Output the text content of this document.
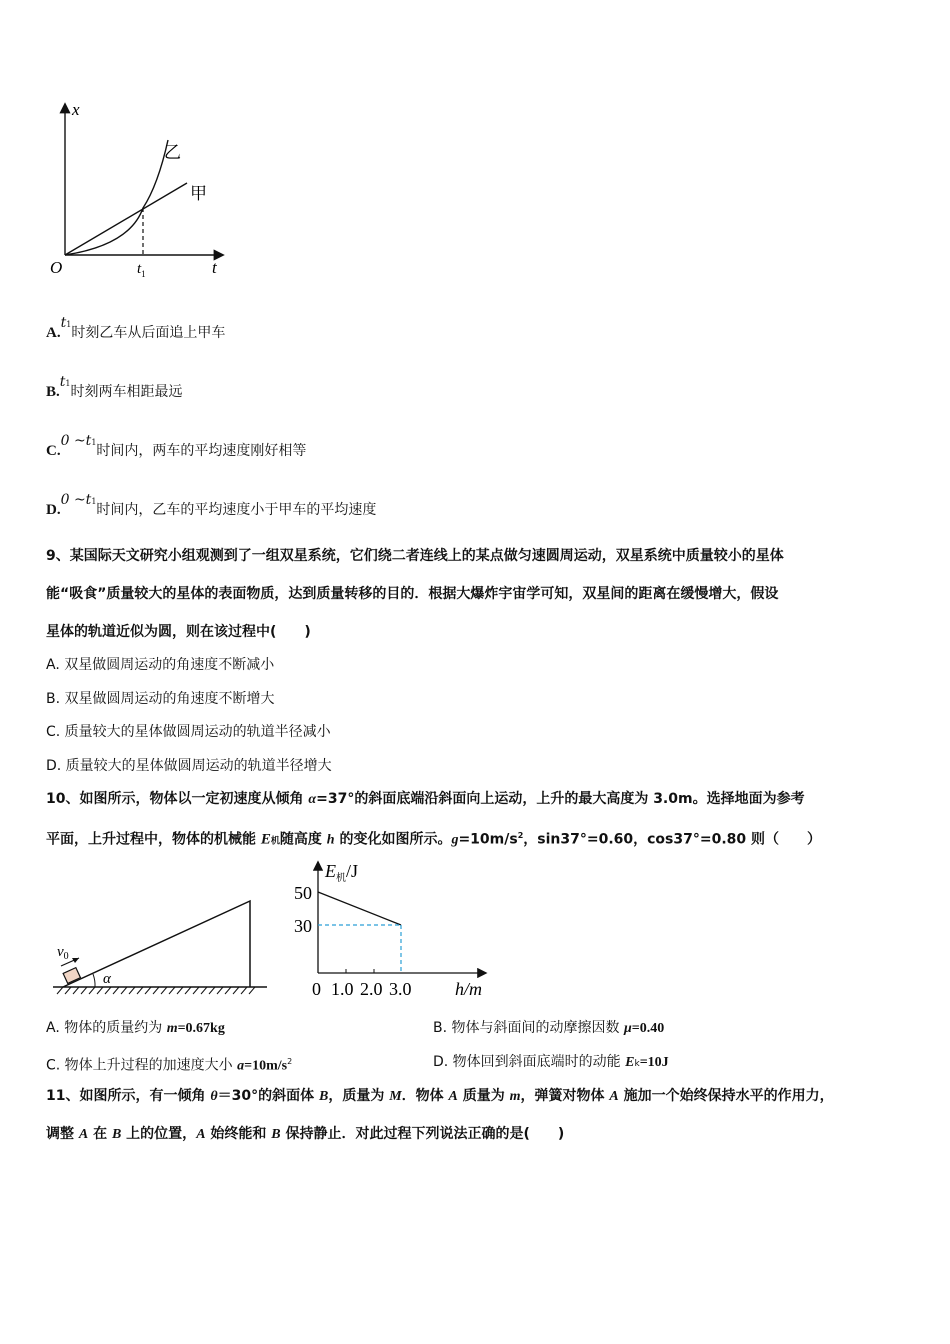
x
t
O	$t_1$
乙
甲
A.t1时刻乙车从后面追上甲车
B.t1时刻两车相距最远
C.0 ~t1时间内，两车的平均速度刚好相等
D.0 ~t1时间内，乙车的平均速度小于甲车的平均速度
9、某国际天文研究小组观测到了一组双星系统，它们绕二者连线上的某点做匀速圆周运动，双星系统中质量较小的星体
能“吸食”质量较大的星体的表面物质，达到质量转移的目的．根据大爆炸宇宙学可知，双星间的距离在缓慢增大，假设
星体的轨道近似为圆，则在该过程中(　　)
A. 双星做圆周运动的角速度不断减小
B. 双星做圆周运动的角速度不断增大
C. 质量较大的星体做圆周运动的轨道半径减小
D. 质量较大的星体做圆周运动的轨道半径增大
10、如图所示，物体以一定初速度从倾角 α=37°的斜面底端沿斜面向上运动，上升的最大高度为 3.0m。选择地面为参考
平面，上升过程中，物体的机械能 E机随高度 h 的变化如图所示。$g=10m/s^2$，sin37°=0.60，cos37°=0.80 则（　　）
α
$v_0$
$E_机/J$
h/m
50
30
0 1.0 2.0 3.0
A. 物体的质量约为 m=0.67kg	B. 物体与斜面间的动摩擦因数 μ=0.40
C. 物体上升过程的加速度大小 $a=10m/s^2$	D. 物体回到斜面底端时的动能 Ek=10J
11、如图所示，有一倾角 θ＝30°的斜面体 B，质量为 M．物体 A 质量为 m，弹簧对物体 A 施加一个始终保持水平的作用力，
调整 A 在 B 上的位置，A 始终能和 B 保持静止．对此过程下列说法正确的是(　　)
